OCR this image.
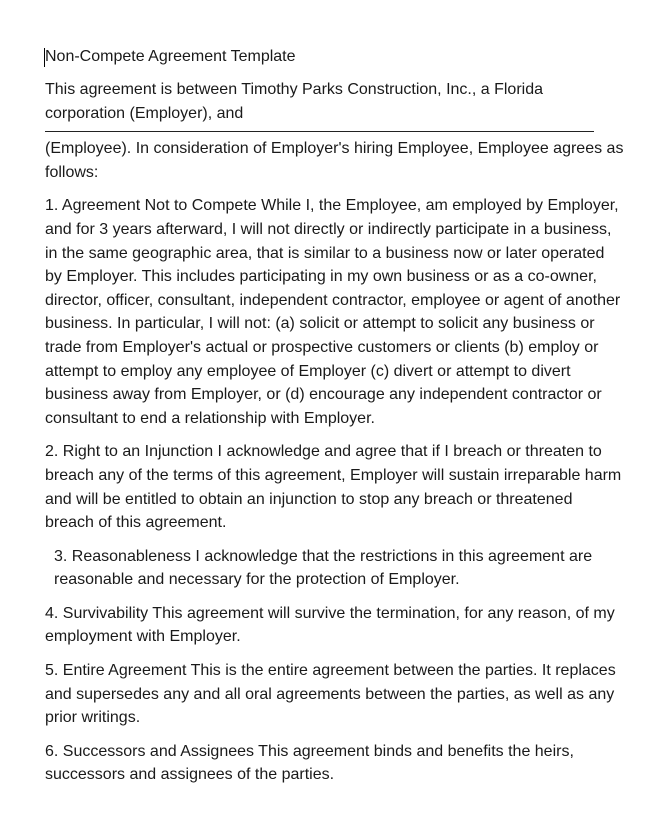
Non-Compete Agreement Template

This agreement is between Timothy Parks Construction, Inc., a Florida corporation (Employer), and

(Employee). In consideration of Employer's hiring Employee, Employee agrees as follows:

1. Agreement Not to Compete While I, the Employee, am employed by Employer, and for 3 years afterward, I will not directly or indirectly participate in a business, in the same geographic area, that is similar to a business now or later operated by Employer. This includes participating in my own business or as a co-owner, director, officer, consultant, independent contractor, employee or agent of another business. In particular, I will not: (a) solicit or attempt to solicit any business or trade from Employer's actual or prospective customers or clients (b) employ or attempt to employ any employee of Employer (c) divert or attempt to divert business away from Employer, or (d) encourage any independent contractor or consultant to end a relationship with Employer.

2. Right to an Injunction I acknowledge and agree that if I breach or threaten to breach any of the terms of this agreement, Employer will sustain irreparable harm and will be entitled to obtain an injunction to stop any breach or threatened breach of this agreement.

3. Reasonableness I acknowledge that the restrictions in this agreement are reasonable and necessary for the protection of Employer.

4. Survivability This agreement will survive the termination, for any reason, of my employment with Employer.

5. Entire Agreement This is the entire agreement between the parties. It replaces and supersedes any and all oral agreements between the parties, as well as any prior writings.

6. Successors and Assignees This agreement binds and benefits the heirs, successors and assignees of the parties.
